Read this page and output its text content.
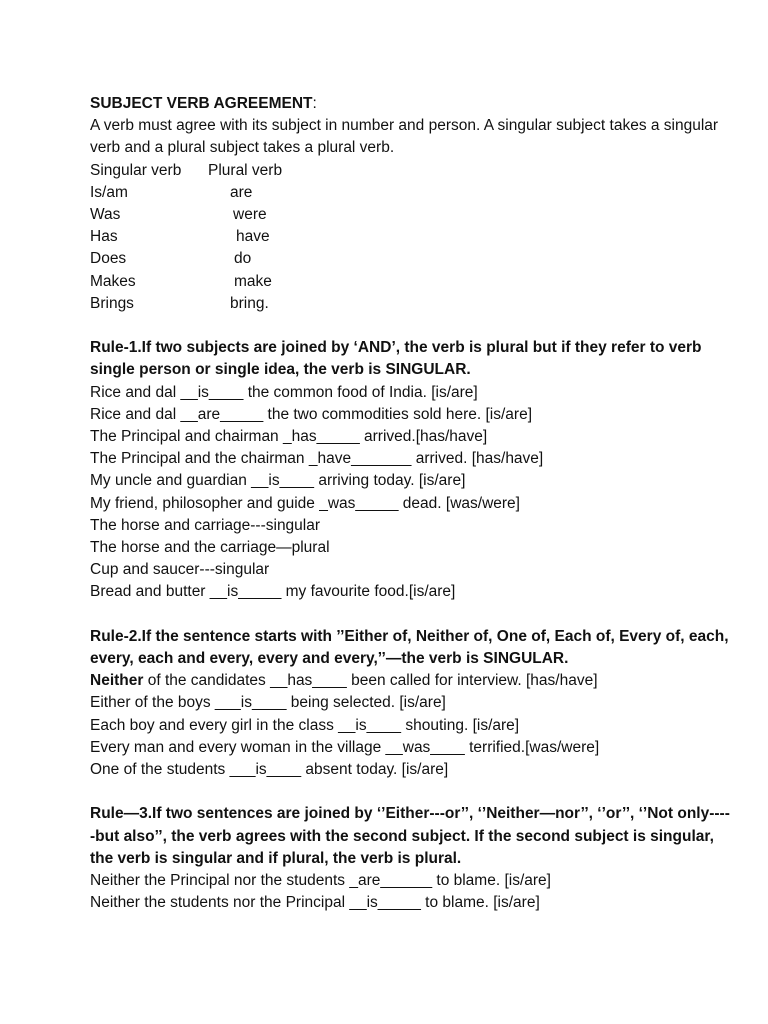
SUBJECT VERB AGREEMENT:
A verb must agree with its subject in number and person. A singular subject takes a singular verb and a plural subject takes a plural verb.
Singular verb	Plural verb
Is/am	are
Was	were
Has	have
Does	do
Makes	make
Brings	bring.
Rule-1.If two subjects are joined by ‘AND’, the verb is plural but if they refer to verb single person or single idea, the verb is SINGULAR.
Rice and dal __is____ the common food of India. [is/are]
Rice and dal __are_____ the two commodities sold here. [is/are]
The Principal and chairman _has_____ arrived.[has/have]
The Principal and the chairman _have_______ arrived. [has/have]
My uncle and guardian __is____ arriving today. [is/are]
My friend, philosopher and guide _was_____ dead. [was/were]
The horse and carriage---singular
The horse and the carriage—plural
Cup and saucer---singular
Bread and butter __is_____ my favourite food.[is/are]
Rule-2.If the sentence starts with ’’Either of, Neither of, One of, Each of, Every of, each, every, each and every, every and every,’’—the verb is SINGULAR.
Neither of the candidates __has____ been called for interview. [has/have]
Either of the boys ___is____ being selected. [is/are]
Each boy and every girl in the class __is____ shouting. [is/are]
Every man and every woman in the village __was____ terrified.[was/were]
One of the students ___is____ absent today. [is/are]
Rule—3.If two sentences are joined by ‘’Either---or’’, ‘’Neither—nor’’, ‘’or’’, ‘’Not only-----but also’’, the verb agrees with the second subject. If the second subject is singular, the verb is singular and if plural, the verb is plural.
Neither the Principal nor the students _are______ to blame. [is/are]
Neither the students nor the Principal __is_____ to blame. [is/are]
